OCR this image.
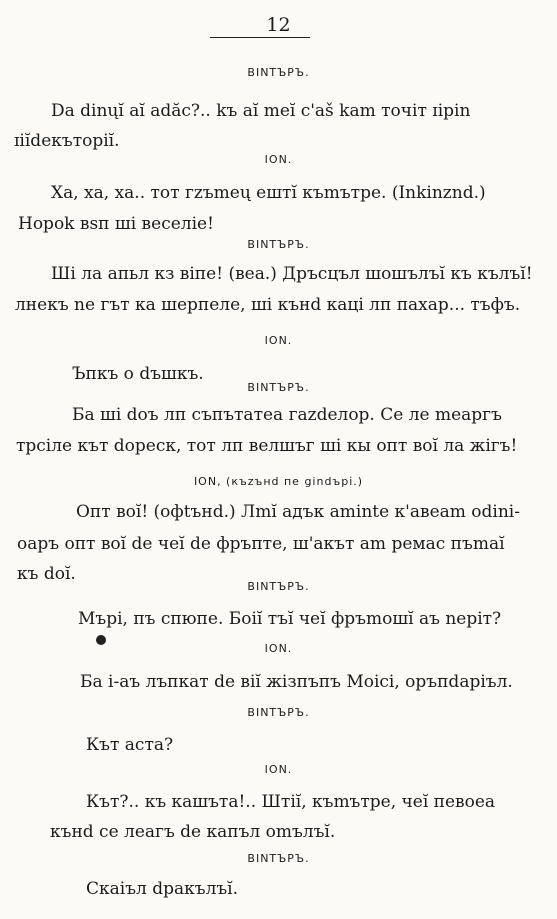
12
BINTЪРЪ.
Da dinųĭ aĭ adăc?.. kъ aĭ meĭ c'aš kam точiт ɪipin
ɪiĭdекъторiĭ.
ION.
Xa, xa, xa.. тот гzъmeų eштĭ къmътре. (Inkinznd.)
Hopok вsп шi веселie!
BINTЪРЪ.
Шi ла апьл кз віпе! (вea.) Дръсцъл шошълъĭ къ кълъĭ!
лнeкъ ne гът ка шерпеле, шi кънd каці лп пахар... тъфъ.
ION.
Ъпкъ о dъшкъ.
BINTЪРЪ.
Ба ші dоъ лп съпътатеа гаzdелор. Се ле meаргъ
тpсiле кът dopеск, тот лп вeлшъг ші кы опт воĭ ла жiгъ!
ION, (къzънd пе gindърі.)
Опт воĭ! (oфtънd.) Лmĭ адък aminte к'авеam odini-
oаръ опт воĭ de чеĭ de фръпте, ш'акът am ремас пъmаĭ
къ doĭ.
BINTЪРЪ.
Mъpi, пъ спюпе. Боiĭ тъĭ чеĭ фръmошĭ aъ nерiт?
ION.
Ба i-аъ лъпкат de вiĭ жiзпъпъ Moici, оръпdapiъл.
BINTЪРЪ.
Кът аста?
ION.
Кът?.. къ кашъта!.. Штiĭ, къmътре, чеĭ певоеа
кънd се лeагъ de капъл omълъĭ.
BINTЪРЪ.
Скаiъл dракълъĭ.
